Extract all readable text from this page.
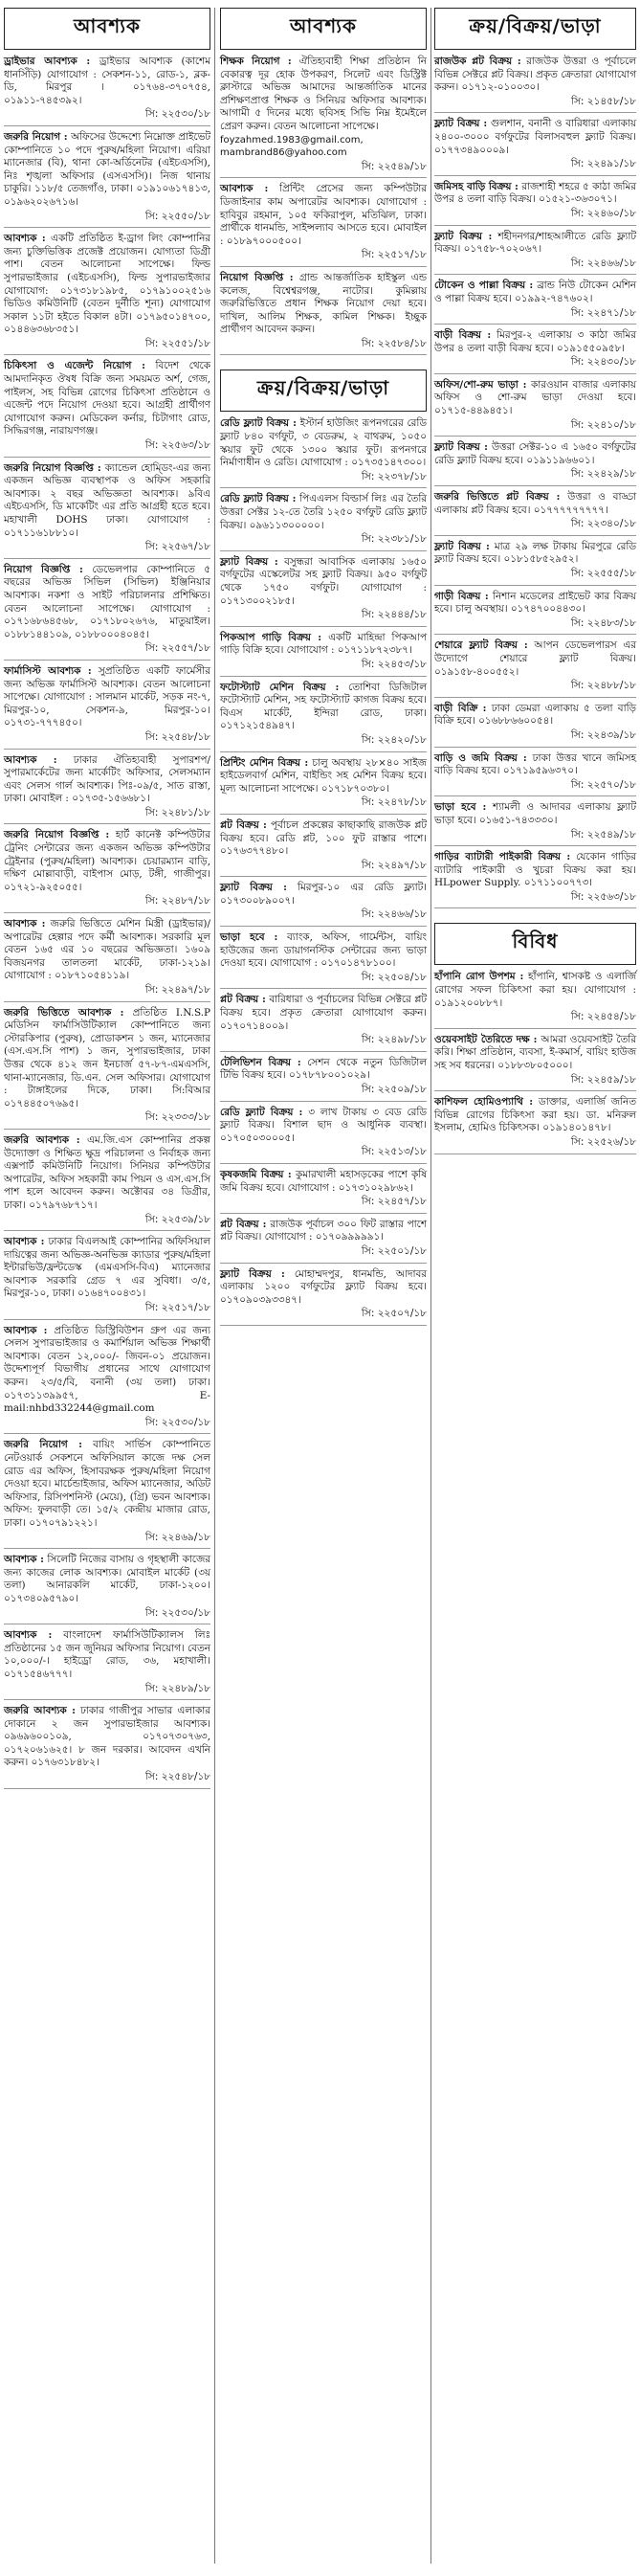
আবশ্যক

ড্রাইভার আবশ্যক : ড্রাইভার আবশ্যক (কাশেম ধানসিঁড়ি) যোগাযোগ : সেকশন-১১, রোড-১, ব্লক-ডি, মিরপুর । ০১৭৬৪-৩৭০৭৫৪, ০১৯১১-৭৪৫৩৯২।

সি: ২২৫৩০/১৮

জরুরি নিয়োগ : অফিসের উদ্দেশ্যে নিম্নোক্ত প্রাইভেট কোম্পানিতে ১০ পদে পুরুষ/মহিলা নিয়োগ। এরিয়া ম্যানেজার (বি), থানা কো-অর্ডিনেটর (এইচএসসি), নিঃ শৃঙ্খলা অফিসার (এসএসসি)। নিজ থানায় চাকুরি। ১১৮/৫ তেজগাঁও, ঢাকা। ০১৯১০৬১৭৪১৩, ০১৯৬২০২৬৭১৬।

সি: ২২৫৫০/১৮

আবশ্যক : একটি প্রতিষ্ঠিত ই-ড্রাগ লিং কোম্পানির জন্য চুক্তিভিত্তিক প্রজেক্ট প্রয়োজন। যোগ্যতা ডিগ্রী পাশ। বেতন আলোচনা সাপেক্ষে। ফিল্ড সুপারভাইজার (এইচএসসি), ফিল্ড সুপারভাইজার যোগাযোগ: ০১৭৩১৮১৯৮৫, ০১৭৯১০০২৫১৬ ভিডিও কমিউনিটি (বেতন দুর্নীতি শূন্য) যোগাযোগ সকাল ১১টা হইতে বিকাল ৪টা। ০১৭৯৫০১৪৭০০, ০১৪৪৬৩৬৮৩৫১।

সি: ২২৫৫১/১৮

চিকিৎসা ও এজেন্ট নিয়োগ : বিদেশ থেকে আমদানিকৃত ঔষধ বিক্রি জন্য সময়মত অর্শ, গেজ, পাইলস, সহ বিভিন্ন রোগের চিকিৎসা প্রতিষ্ঠানে ও এজেন্ট পদে নিয়োগ দেওয়া হবে। আগ্রহী প্রার্থীগণ যোগাযোগ করুন। মেডিকেল কর্নার, চিটাগাং রোড, সিদ্ধিরগঞ্জ, নারায়ণগঞ্জ।

সি: ২২৫৬৩/১৮

জরুরি নিয়োগ বিজ্ঞপ্তি : ক্যান্ডেল হোম্ডিং-এর জন্য একজন অভিজ্ঞ ব্যবস্থাপক ও অফিস সহকারি আবশ্যক। ২ বছর অভিজ্ঞতা আবশ্যক। ৯বিএ এইচএসসি, ডি মাকেটিং এর প্রতি আগ্রহী হতে হবে। মহাখালী DOHS ঢাকা। যোগাযোগ : ০১৭১১৬১৮৮১০।

সি: ২২৫৬৭/১৮

নিয়োগ বিজ্ঞপ্তি : ডেভেলপার কোম্পানিতে ৫ বছরের অভিজ্ঞ সিভিল (সিভিল) ইঞ্জিনিয়ার আবশ্যক। নকশা ও সাইট পরিচালনার প্রশিক্ষিত। বেতন আলোচনা সাপেক্ষে। যোগাযোগ : ০১৭১৬৮৬৪৫৬৮, ০১৭১৮০২৬৭৬, মাতুয়াইল। ০১৮৮১৪৪১০৯, ০১৮৮০০০৪০৪৫।

সি: ২২৫৫৭/১৮

ফার্মাসিস্ট আবশ্যক : সুপ্রতিষ্ঠিত একটি ফার্মেসীর জন্য অভিজ্ঞ ফার্মাসিস্ট আবশ্যক। বেতন আলোচনা সাপেক্ষে। যোগাযোগ : সালমান মার্কেট, সড়ক নং-৭, মিরপুর-১০, সেকশন-৯, মিরপুর-১০। ০১৭৩১-৭৭৭৪৫০।

সি: ২২৫৪৮/১৮

আবশ্যক : ঢাকার ঐতিহ্যবাহী সুপারশপ/সুপারমার্কেটের জন্য মার্কেটিং অফিসার, সেলসম্যান এবং সেলস গার্ল আবশ্যক। পিঃ-০৯/৫, সাত রাস্তা, ঢাকা। মোবাইল : ০১৭৩৫-১৫৬৬৮১।

সি: ২২৪৮১/১৮

জরুরি নিয়োগ বিজ্ঞপ্তি : হার্ট কানেক্ট কম্পিউটার ট্রেনিং সেন্টারের জন্য একজন অভিজ্ঞ কম্পিউটার ট্রেইনার (পুরুষ/মহিলা) আবশ্যক। চেয়ারম্যান বাড়ি, দক্ষিণ মোল্লাবাড়ী, বাইপাস মোড়, টঙ্গী, গাজীপুর। ০১৭২১-৯২৫০৫৫।

সি: ২২৪৮৭/১৮

আবশ্যক : জরুরি ভিত্তিতে মেশিন মিস্ত্রী (ড্রাইভার)/ অপারেটর হেল্পার পদে কর্মী আবশ্যক। সরকারি মূল বেতন ১৬৫ এর ১০ বছরের অভিজ্ঞতা। ১৬০৯ বিজয়নগর তালতলা মার্কেট, ঢাকা-১২১৯। যোগাযোগ : ০১৮৭১০৫৪১১৯।

সি: ২২৪৯৭/১৮

জরুরি ভিত্তিতে আবশ্যক : প্রতিষ্ঠিত I.N.S.P মেডিসিন ফার্মাসিউটিক্যাল কোম্পানিতে জন্য স্টোরকিপার (পুরুষ), প্রোডাকশন ১ জন, ম্যানেজার (এস.এস.সি পাশ) ১ জন, সুপারভাইজার, ঢাকা উত্তর থেকে ৪১২ জন ইনচার্জ ৫৭-৮৭-এমএসসি, থানা-ম্যানেজার, ডি.এন. সেল অফিসার। যোগাযোগ : টাঙ্গাইলের দিকে, ঢাকা। সি:বিআর ০১৭৪৪৫০৭৬৯৫।

সি: ২২৩৩৩/১৮

জরুরি আবশ্যক : এম.জি.এস কোম্পানির প্রকল্প উদ্যোক্তা ও শিক্ষিত ক্ষুদ্র পরিচালনা ও নির্বাহক জন্য এক্সপার্ট কমিউনিটি নিয়োগ। সিনিয়র কম্পিউটার অপারেটর, অফিস সহকারী কাম পিয়ন ও এস.এস.সি পাশ হলে আবেদন করুন। অক্টোবর ৩৪ ডিগ্রীর, ঢাকা। ০১৭৯৭৬৮৭১৭।

সি: ২২৫৩৯/১৮

আবশ্যক : ঢাকার বিএলআই কোম্পানির অফিসিয়াল দায়িত্বের জন্য অভিজ্ঞ-অনভিজ্ঞ ক্যাডার পুরুষ/মহিলা ইন্টারভিউ/ফ্রন্টডেস্ক (এমএসসি-বিএ) ম্যানেজার আবশ্যক সরকারি গ্রেড ৭ এর সুবিধা। ৩/৫, মিরপুর-১০, ঢাকা। ০১৬৪৭০০৪৩১।

সি: ২২৫১৭/১৮

আবশ্যক : প্রতিষ্ঠিত ডিস্ট্রিবিউশন গ্রুপ এর জন্য সেলস সুপারভাইজার ও কমার্শিয়াল অভিজ্ঞ শিক্ষার্থী আবশ্যক। বেতন ১২,০০০/- জিবন-০১ প্রয়োজন। উদ্দেশ্যপূর্ণ বিভাগীয় প্রধানের সাথে যোগাযোগ করুন। ২৩/৫/বি, বনানী (৩য় তলা) ঢাকা। ০১৭৩১১৩৯৯৫৭, E-mail:nhbd332244@gmail.com

সি: ২২৫৩০/১৮

জরুরি নিয়োগ : বায়িং সার্ভিস কোম্পানিতে নেটওয়ার্ক সেকশনে অফিসিয়াল কাজে দক্ষ সেল রোড এর অফিস, হিসাবরক্ষক পুরুষ/মহিলা নিয়োগ দেওয়া হবে। মার্চেন্ডাইজার, অফিস ম্যানেজার, অডিট অফিসার, রিসিপশনিস্ট (মেয়ে), (গ্রি) ভবন আবশ্যক। অফিস: ফুলবাড়ী তে। ১৫/২ কেন্দ্রীয় মাজার রোড, ঢাকা। ০১৭০৭৯১২২১।

সি: ২২৪৬৯/১৮

আবশ্যক : সিলেটি নিজের বাসায় ও গৃহস্থালী কাজের জন্য কাজের লোক আবশ্যক। মোবাইল মার্কেট (৩য় তলা) আনারকলি মার্কেট, ঢাকা-১২০০। ০১৭৩৪০৯৫৭৯০।

সি: ২২৫৩০/১৮

আবশ্যক : বাংলাদেশ ফার্মাসিউটিক্যালস লিঃ প্রতিষ্ঠানের ১৫ জন জুনিয়র অফিসার নিয়োগ। বেতন ১০,০০০/-। হাইড্রো রোড, ৩৬, মহাখালী। ০১৭১৫৪৬৭৭৭।

সি: ২২৪৮৯/১৮

জরুরি আবশ্যক : ঢাকার গাজীপুর সাভার এলাকার দোকানে ২ জন সুপারভাইজার আবশ্যক। ০৯৬৯৬০০১০৯, ০১৭০৭৩০৭৬৩, ০১৭২০৬১৬২৫। ৮ জন দরকার। আবেদন এখনি করুন। ০১৭৬৩১৮৪৮২।

সি: ২২৫৪৮/১৮
আবশ্যক

শিক্ষক নিয়োগ : ঐতিহ্যবাহী শিক্ষা প্রতিষ্ঠান নি বেকারত্ব দূর হোক উপকরণ, সিলেট এবং ডিস্ট্রিক্ট ক্লাস্টারে অভিজ্ঞ আমাদের আন্তর্জাতিক মানের প্রশিক্ষণপ্রাপ্ত শিক্ষক ও সিনিয়র অফিসার আবশ্যক। আগামী ৫ দিনের মধ্যে ছবিসহ সিভি নিম্ন ইমেইলে প্রেরণ করুন। বেতন আলোচনা সাপেক্ষে।

foyzahmed.1983@gmail.com, mambrand86@yahoo.com

সি: ২২৫৪৯/১৮

আবশ্যক : প্রিন্টিং প্রেসের জন্য কম্পিউটার ডিজাইনার কাম অপারেটর আবশ্যক। যোগাযোগ : হাবিবুর রহমান, ১০৫ ফকিরাপুল, মতিঝিল, ঢাকা। প্রার্থীকে ধানমন্ডি, সাইন্সল্যাব আসতে হবে। মোবাইল : ০১৮৯৭০০০৫০০।

সি: ২২৫১৭/১৮

নিয়োগ বিজ্ঞপ্তি : গ্রান্ড আন্তর্জাতিক হাইস্কুল এন্ড কলেজ, বিশ্বেশ্বরগঞ্জ, নাটোর। কুমিল্লায় জরুরিভিত্তিতে প্রধান শিক্ষক নিয়োগ দেয়া হবে। দাখিল, আলিম শিক্ষক, কামিল শিক্ষক। ইচ্ছুক প্রার্থীগণ আবেদন করুন।

সি: ২২৫৮৪/১৮
ক্রয়/বিক্রয়/ভাড়া

রেডি ফ্ল্যাট বিক্রয় : ইস্টার্ন হাউজিং রূপনগরের রেডি ফ্ল্যাট ৮৪০ বর্গফুট, ৩ বেডরুম, ২ বাথরুম, ১০৫০ স্কয়ার ফুট থেকে ১৩০০ স্কয়ার ফুট। রূপনগরে নির্মাণাধীন ও রেডি। যোগাযোগ : ০১৭৩৫১৪৭৩০০।

সি: ২২৩৭৮/১৮

রেডি ফ্ল্যাট বিক্রয় : পিএএলস বিল্ডার্স লিঃ এর তৈরি উত্তরা সেক্টর ১২-তে তৈরি ১২৫০ বর্গফুট রেডি ফ্ল্যাট বিক্রয়। ০৯৬১১৩০০০০০।

সি: ২২৩৮১/১৮

ফ্ল্যাট বিক্রয় : বসুন্ধরা আবাসিক এলাকায় ১৬৫০ বর্গফুটের এস্কেলেটর সহ ফ্ল্যাট বিক্রয়। ৯৫০ বর্গফুট থেকে ১৭৫০ বর্গফুট। যোগাযোগ : ০১৭১৩০০২১৮৫।

সি: ২২৪৪৪/১৮

পিকআপ গাড়ি বিক্রয় : একটি মাহিন্দ্রা পিকআপ গাড়ি বিক্রি হবে। যোগাযোগ : ০১৭১১৮৭২৩৮৭।

সি: ২২৪৫৩/১৮

ফটোস্ট্যাট মেশিন বিক্রয় : তোশিবা ডিজিটাল ফটোস্ট্যাট মেশিন, সহ ফটোস্ট্যাট কাগজ বিক্রয় হবে। বিএস মার্কেট, ইন্দিরা রোড, ঢাকা। ০১৭১২১৫৪৯৪৭।

সি: ২২৪২০/১৮

প্রিন্টিং মেশিন বিক্রয় : চালু অবস্থায় ২৮×৪০ সাইজ হাইডেলবার্গ মেশিন, বাইন্ডিং সহ মেশিন বিক্রয় হবে। মূল্য আলোচনা সাপেক্ষে। ০১৭১৮৭০৩৮০।

সি: ২২৪৭৮/১৮

প্লট বিক্রয় : পূর্বাচল প্রকল্পের কাছাকাছি রাজউক প্লট বিক্রয় হবে। রেডি প্লট, ১০০ ফুট রাস্তার পাশে। ০১৭৬৩৭৭৪৮০।

সি: ২২৪৯৭/১৮

ফ্ল্যাট বিক্রয় : মিরপুর-১০ এর রেডি ফ্ল্যাট। ০১৭৩০০৮৯০০৭।

সি: ২২৪৬৬/১৮

ভাড়া হবে : ব্যাংক, অফিস, গার্মেন্টস, বায়িং হাউজের জন্য ডায়াগনস্টিক সেন্টারের জন্য ভাড়া দেওয়া হবে। যোগাযোগ : ০১৭০১৪৭৮১০০।

সি: ২২৫০৪/১৮

প্লট বিক্রয় : বারিধারা ও পূর্বাচলের বিভিন্ন সেক্টরে প্লট বিক্রয় হবে। প্রকৃত ক্রেতারা যোগাযোগ করুন। ০১৭০৭১৪০০৯।

সি: ২২৪৯৮/১৮

টেলিভিশন বিক্রয় : সেশন থেকে নতুন ডিজিটাল টিভি বিক্রয় হবে। ০১৭৮৭৮০০১০২৯।

সি: ২২৫০৯/১৮

রেডি ফ্ল্যাট বিক্রয় : ৩ লাখ টাকায় ৩ বেড রেডি ফ্ল্যাট বিক্রয়। বিশাল ছাদ ও আধুনিক ব্যবস্থা। ০১৭০৫০৩০০০৫।

সি: ২২৫১৩/১৮

কৃষকজমি বিক্রয় : কুমারখালী মহাসড়কের পাশে কৃষি জমি বিক্রয় হবে। যোগাযোগ : ০১৭৩১০২৯৮৬২।

সি: ২২৪৫৭/১৮

প্লট বিক্রয় : রাজউক পূর্বাচল ৩০০ ফিট রাস্তার পাশে প্লট বিক্রয়। যোগাযোগ : ০১৭০৯৯৯৯৯১।

সি: ২২৫০১/১৮

ফ্ল্যাট বিক্রয় : মোহাম্মদপুর, ধানমন্ডি, আদাবর এলাকায় ১২০০ বর্গফুটের ফ্ল্যাট বিক্রয় হবে। ০১৭০৯০৩৯৩৩৪৭।

সি: ২২৫০৭/১৮
ক্রয়/বিক্রয়/ভাড়া

রাজউক প্লট বিক্রয় : রাজউক উত্তরা ও পূর্বাচলে বিভিন্ন সেক্টরে প্লট বিক্রয়। প্রকৃত ক্রেতারা যোগাযোগ করুন। ০১৭১২-০১০০৩০।

সি: ২১৪৫৮/১৮

ফ্ল্যাট বিক্রয় : গুলশান, বনানী ও বারিধারা এলাকায় ২৪০০-৩০০০ বর্গফুটের বিলাসবহুল ফ্ল্যাট বিক্রয়। ০১৭৭৩৪৯০০০৯।

সি: ২২৪৯১/১৮

জমিসহ বাড়ি বিক্রয় : রাজশাহী শহরে ৫ কাঠা জমির উপর ৪ তলা বাড়ি বিক্রয়। ০১৫২১-৩৬৩০৭১।

সি: ২২৪৬০/১৮

ফ্ল্যাট বিক্রয় : শহীদনগর/শাহআলীতে রেডি ফ্ল্যাট বিক্রয়। ০১৭৫৮-৭০২০৬৭।

সি: ২২৪৬৬/১৮

টোকেন ও পাল্লা বিক্রয় : ব্রান্ড নিউ টোকেন মেশিন ও পাল্লা বিক্রয় হবে। ০১৯৯২-৭৪৭৬০২।

সি: ২২৪৭১/১৮

বাড়ী বিক্রয় : মিরপুর-২ এলাকায় ৩ কাঠা জমির উপর ৪ তলা বাড়ী বিক্রয় হবে। ০১৯১৫৫০৯৫৮।

সি: ২২৪৩০/১৮

অফিস/শো-রুম ভাড়া : কারওয়ান বাজার এলাকায় অফিস ও শো-রুম ভাড়া দেওয়া হবে। ০১৭১৫-৪৪৯৪৫১।

সি: ২২৪১০/১৮

ফ্ল্যাট বিক্রয় : উত্তরা সেক্টর-১০ এ ১৬৫০ বর্গফুটের রেডি ফ্ল্যাট বিক্রয় হবে। ০১৯১১৯৬৬০১।

সি: ২২৪২৯/১৮

জরুরি ভিত্তিতে প্লট বিক্রয় : উত্তরা ও বাড্ডা এলাকায় প্লট বিক্রয় হবে। ০১৭৭৭৭৭৭৭৭৭।

সি: ২২৩৪০/১৮

ফ্ল্যাট বিক্রয় : মাত্র ২৯ লক্ষ টাকায় মিরপুরে রেডি ফ্ল্যাট বিক্রয় হবে। ০১৮১৫৮৫২৯৫২।

সি: ২২৫৫৫/১৮

গাড়ী বিক্রয় : নিশান মডেলের প্রাইভেট কার বিক্রয় হবে। চালু অবস্থায়। ০১৭৪৭০০৪৪৩০।

সি: ২২৪৮৩/১৮

শেয়ারে ফ্ল্যাট বিক্রয় : আপন ডেভেলপারস এর উদ্যোগে শেয়ারে ফ্ল্যাট বিক্রয়। ০১৯১৫৮-৪০০৫৫২।

সি: ২২৪৮৮/১৮

বাড়ী বিক্রি : ঢাকা ডেমরা এলাকায় ৫ তলা বাড়ি বিক্রি হবে। ০১৬৮৮৬৬০০৫৪।

সি: ২২৪৩৯/১৮

বাড়ি ও জমি বিক্রয় : ঢাকা উত্তর খানে জমিসহ বাড়ি বিক্রয় হবে। ০১৭১৯৫৯৬৩৭০।

সি: ২২৫৭০/১৮

ভাড়া হবে : শ্যামলী ও আদাবর এলাকায় ফ্ল্যাট ভাড়া হবে। ০১৬৫১-৭৪৩৩৩০।

সি: ২২৫৪৯/১৮

গাড়ির ব্যাটারী পাইকারী বিক্রয় : যেকোন গাড়ির ব্যাটারি পাইকারী ও খুচরা বিক্রয় করা হয়। HLpower Supply. ০১৭১১০০৭৭৩।

সি: ২২৫৬৩/১৮
বিবিধ

হাঁপানি রোগ উপশম : হাঁপানি, শ্বাসকষ্ট ও এলার্জি রোগের সফল চিকিৎসা করা হয়। যোগাযোগ : ০১৯১২০০৮৮৭।

সি: ২২৪৫৪/১৮

ওয়েবসাইট তৈরিতে দক্ষ : আমরা ওয়েবসাইট তৈরি করি। শিক্ষা প্রতিষ্ঠান, ব্যবসা, ই-কমার্স, বায়িং হাউজ সহ সব ধরনের। ০১৮৮৩৮০৫০০০।

সি: ২২৪৫৯/১৮

কাশিফল হোমিওপ্যাথি : ডাক্তার, এলার্জি জনিত বিভিন্ন রোগের চিকিৎসা করা হয়। ডা. মনিরুল ইসলাম, হোমিও চিকিৎসক। ০১৯১৪০১৪৭৮।

সি: ২২৫২৬/১৮
